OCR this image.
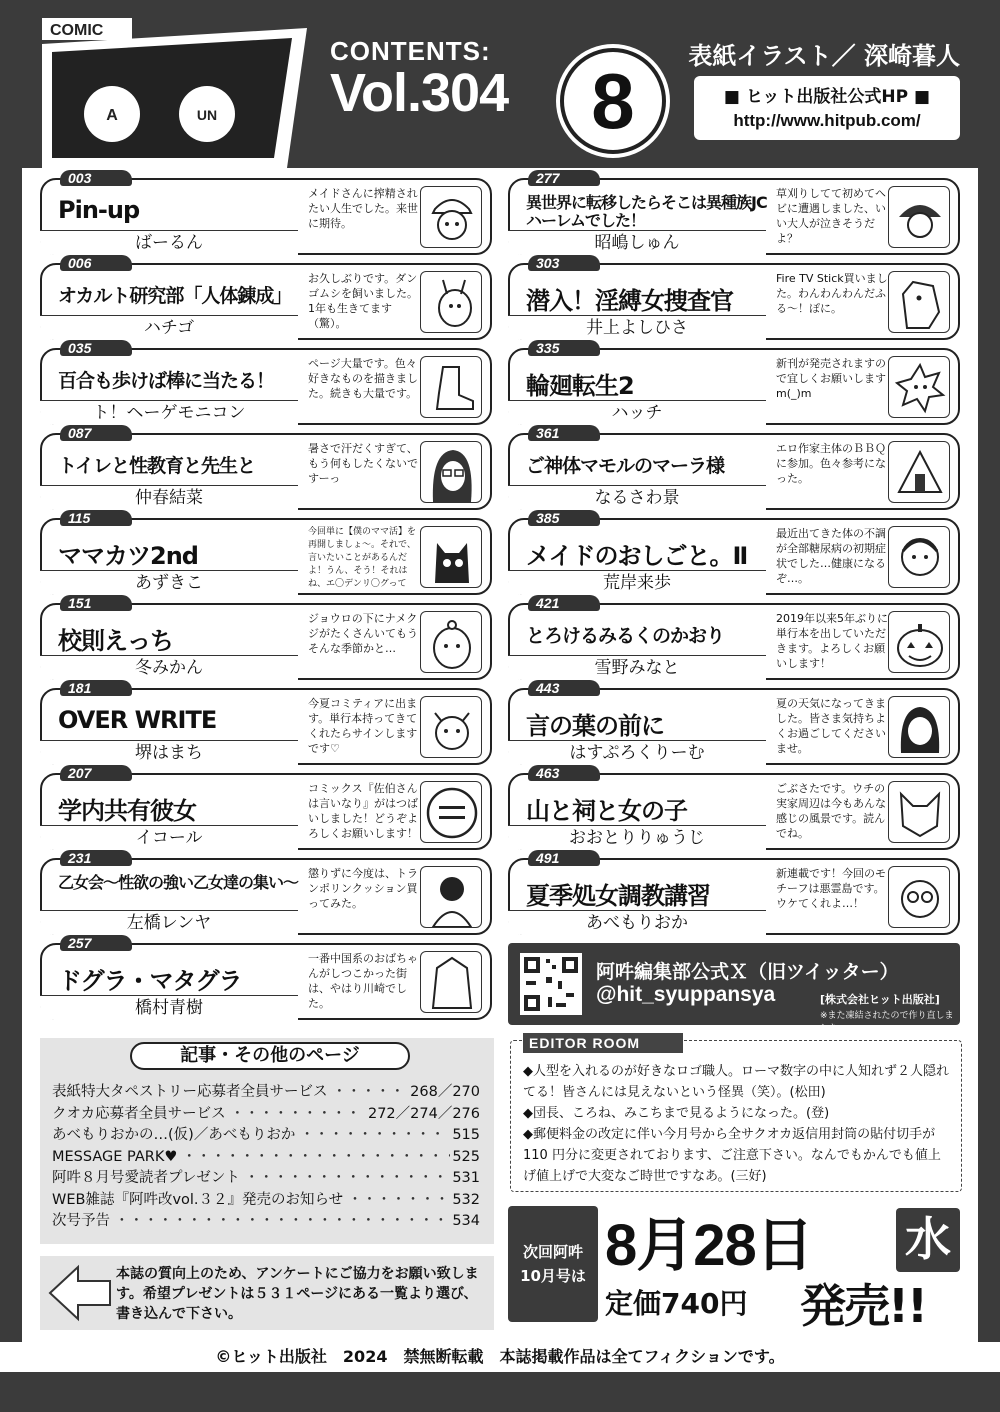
COMIC
A	UN
CONTENTS:
Vol.304	8
表紙イラスト／ 深崎暮人
■ ヒット出版社公式HP ■
http://www.hitpub.com/
003
Pin-up
ばーるん
メイドさんに搾精されたい人生でした。来世に期待。
006
オカルト研究部「人体錬成」
ハチゴ
お久しぶりです。ダンゴムシを飼いました。1年も生きてます（驚）。
035
百合も歩けば棒に当たる！
ト！ヘーゲモニコン
ページ大量です。色々好きなものを描きました。続きも大量です。
087
トイレと性教育と先生と
仲春結菜
暑さで汗だくすぎて、もう何もしたくないですーっ
115
ママカツ2nd
あずきこ
今回単に【僕のママ活】を再開しましょ〜。それで、言いたいことがあるんだよ！うん、そう！それはね、エ〇デンリ〇グって
151
校則えっち
冬みかん
ジョウロの下にナメクジがたくさんいてもうそんな季節かと…
181
OVER WRITE
堺はまち
今夏コミティアに出ます。単行本持ってきてくれたらサインしますです♡
207
学内共有彼女
イコール
コミックス『佐伯さんは言いなり』がはつばいしました！どうぞよろしくお願いします！
231
乙女会～性欲の強い乙女達の集い～
左橋レンヤ
懲りずに今度は、トランポリンクッション買ってみた。
257
ドグラ・マタグラ
橋村青樹
一番中国系のおばちゃんがしつこかった街は、やはり川崎でした。
277
異世界に転移したらそこは異種族JCハーレムでした！
昭嶋しゅん
草刈りしてて初めてヘビに遭遇しました、いい大人が泣きそうだよ？
303
潜入！淫縛女捜査官
井上よしひさ
Fire TV Stick買いました。わんわんわんだふる～！ぽに。
335
輪廻転生2
ハッチ
新刊が発売されますので宜しくお願いします m(_)m
361
ご神体マモルのマーラ様
なるさわ景
エロ作家主体のＢＢＱに参加。色々参考になった。
385
メイドのおしごと。Ⅱ
荒岸来歩
最近出てきた体の不調が全部糖尿病の初期症状でした…健康になるぞ…。
421
とろけるみるくのかおり
雪野みなと
2019年以来5年ぶりに単行本を出していただきます。よろしくお願いします！
443
言の葉の前に
はすぷろくりーむ
夏の天気になってきました。皆さま気持ちよくお過ごしてくださいませ。
463
山と祠と女の子
おおとりりゅうじ
ごぶさたです。ウチの実家周辺は今もあんな感じの風景です。読んでね。
491
夏季処女調教講習
あべもりおか
新連載です！今回のモチーフは悪霊島です。ウケてくれよ…！
阿吽編集部公式Ｘ（旧ツイッター）
@hit_syuppansya	[株式会社ヒット出版社]
※また凍結されたので作り直しました。
記事・その他のページ
表紙特大タペストリー応募者全員サービス ・・・・・・・・・・・・・・・・・・・・・・・・・・・・・・・・・・	268／270
クオカ応募者全員サービス ・・・・・・・・・・・・・・・・・・・・・・・・・・・・・・・・・・	272／274／276
あべもりおかの…(仮)／あべもりおか ・・・・・・・・・・・・・・・・・・・・・・・・・・・・・・・・・・	515
MESSAGE PARK♥ ・・・・・・・・・・・・・・・・・・・・・・・・・・・・・・・・・・	525
阿吽８月号愛読者プレゼント ・・・・・・・・・・・・・・・・・・・・・・・・・・・・・・・・・・	531
WEB雑誌『阿吽改vol.３２』発売のお知らせ ・・・・・・・・・・・・・・・・・・・・・・・・・・・・・・・・・・	532
次号予告 ・・・・・・・・・・・・・・・・・・・・・・・・・・・・・・・・・・	534
EDITOR ROOM
◆人型を入れるのが好きなロゴ職人。ローマ数字の中に人知れず２人隠れてる！皆さんには見えないという怪異（笑）。(松田)
◆団長、ころね、みこちまで見るようになった。(登)
◆郵便料金の改定に伴い今月号から全サクオカ返信用封筒の貼付切手が 110 円分に変更されております、ご注意下さい。なんでもかんでも値上げ値上げで大変なご時世ですなあ。(三好)
本誌の質向上のため、アンケートにご協力をお願い致します。希望プレゼントは５３１ページにある一覧より選び、書き込んで下さい。
次回阿吽
10月号は 8月28日 水
定価740円 発売!!
©ヒット出版社　2024　禁無断転載　本誌掲載作品は全てフィクションです。
